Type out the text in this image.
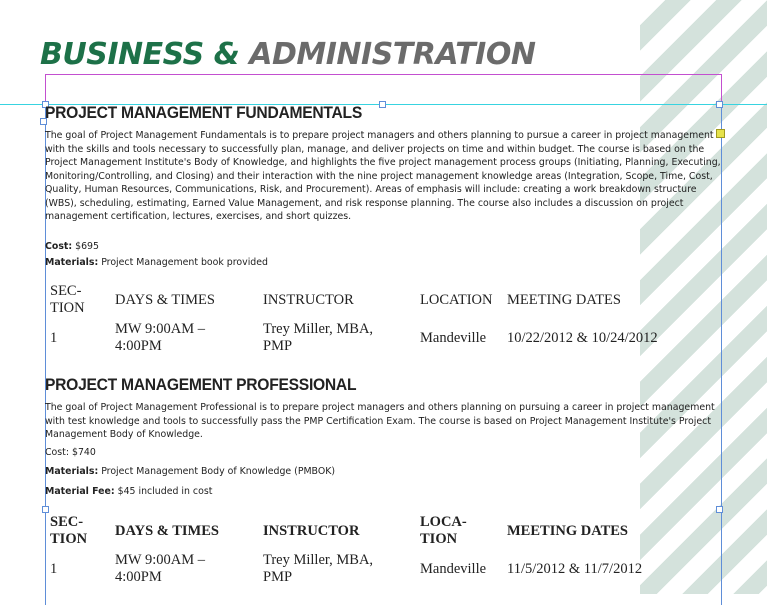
BUSINESS & ADMINISTRATION
PROJECT MANAGEMENT FUNDAMENTALS

The goal of Project Management Fundamentals is to prepare project managers and others planning to pursue a career in project management with the skills and tools necessary to successfully plan, manage, and deliver projects on time and within budget. The course is based on the Project Management Institute's Body of Knowledge, and highlights the five project management process groups (Initiating, Planning, Executing, Monitoring/Controlling, and Closing) and their interaction with the nine project management knowledge areas (Integration, Scope, Time, Cost, Quality, Human Resources, Communications, Risk, and Procurement). Areas of emphasis will include: creating a work breakdown structure (WBS), scheduling, estimating, Earned Value Management, and risk response planning. The course also includes a discussion on project management certification, lectures, exercises, and short quizzes.

Cost: $695

Materials: Project Management book provided

SEC-TION	DAYS & TIMES	INSTRUCTOR	LOCATION	MEETING DATES
1	MW 9:00AM – 4:00PM	Trey Miller, MBA, PMP	Mandeville	10/22/2012 & 10/24/2012
PROJECT MANAGEMENT PROFESSIONAL

The goal of Project Management Professional is to prepare project managers and others planning on pursuing a career in project management with test knowledge and tools to successfully pass the PMP Certification Exam. The course is based on Project Management Institute's Project Management Body of Knowledge.

Cost: $740

Materials: Project Management Body of Knowledge (PMBOK)

Material Fee: $45 included in cost

SEC-TION	DAYS & TIMES	INSTRUCTOR	LOCA-TION	MEETING DATES
1	MW 9:00AM – 4:00PM	Trey Miller, MBA, PMP	Mandeville	11/5/2012 & 11/7/2012
